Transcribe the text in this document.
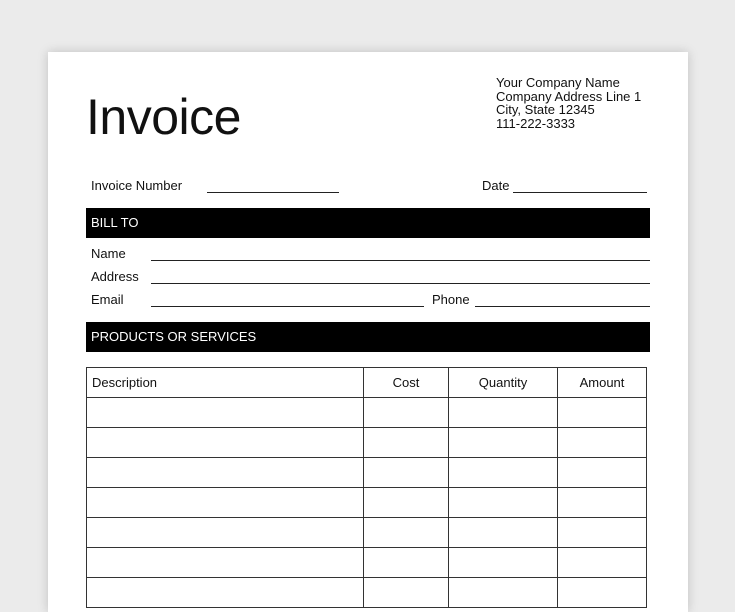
Invoice
Your Company Name
Company Address Line 1
City, State 12345
111-222-3333
Invoice Number	Date
BILL TO
Name
Address
Email	Phone
PRODUCTS OR SERVICES
Description	Cost	Quantity	Amount
